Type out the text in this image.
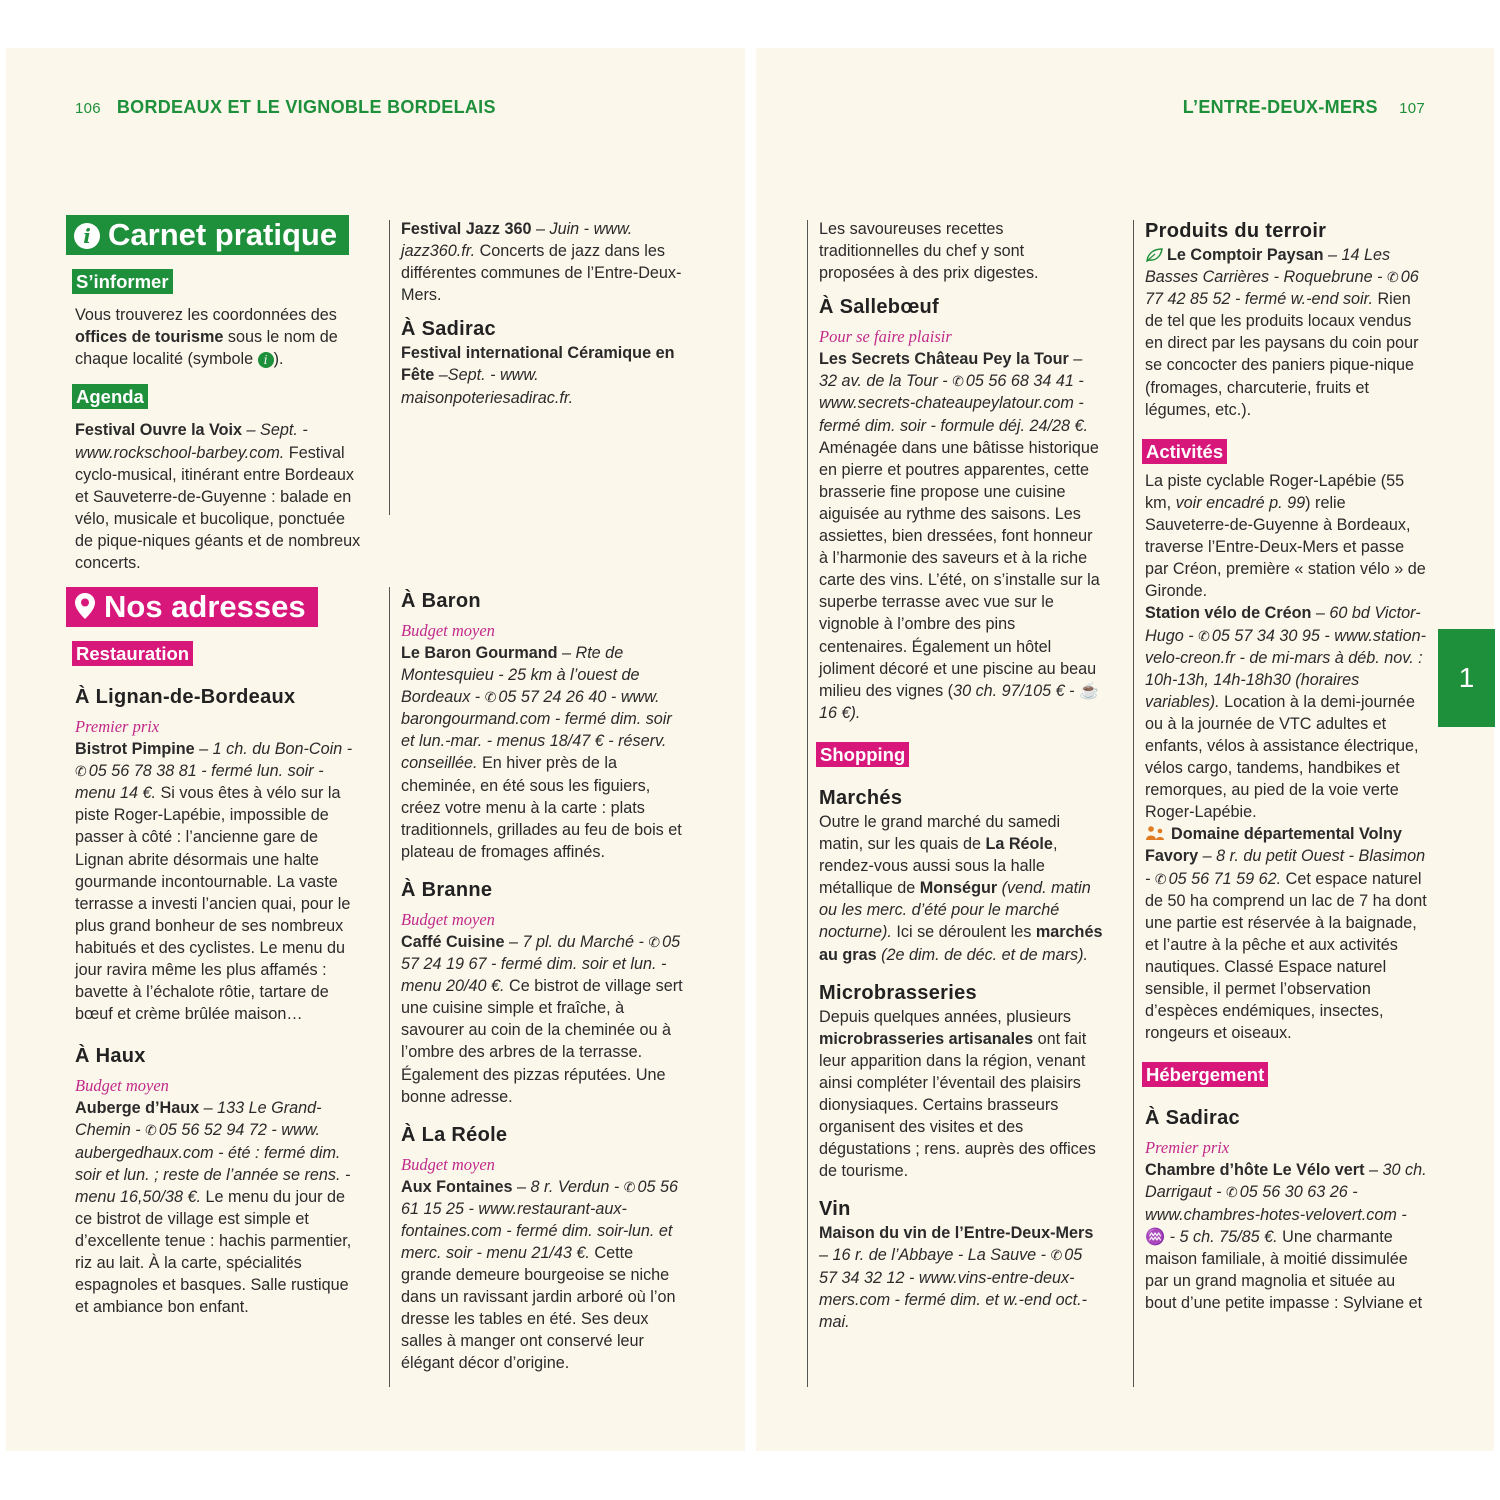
106 BORDEAUX ET LE VIGNOBLE BORDELAIS	L’ENTRE-DEUX-MERS 107
i Carnet pratique
S’informer

Vous trouverez les coordonnées des offices de tourisme sous le nom de chaque localité (symbole i ).

Agenda

Festival Ouvre la Voix – Sept. - www.rockschool-barbey.com. Festival cyclo-musical, itinérant entre Bordeaux et Sauveterre-de-Guyenne : balade en vélo, musicale et bucolique, ponctuée de pique-niques géants et de nombreux concerts.

Festival Jazz 360 – Juin - www. jazz360.fr. Concerts de jazz dans les différentes communes de l’Entre-Deux-Mers.

À Sadirac

Festival international Céramique en Fête –Sept. - www. maisonpoteriesadirac.fr.

Nos adresses
Restauration
À Lignan-de-Bordeaux
Premier prix

Bistrot Pimpine – 1 ch. du Bon-Coin - ✆ 05 56 78 38 81 - fermé lun. soir - menu 14 €. Si vous êtes à vélo sur la piste Roger-Lapébie, impossible de passer à côté : l’ancienne gare de Lignan abrite désormais une halte gourmande incontournable. La vaste terrasse a investi l’ancien quai, pour le plus grand bonheur de ses nombreux habitués et des cyclistes. Le menu du jour ravira même les plus affamés : bavette à l’échalote rôtie, tartare de bœuf et crème brûlée maison…

À Haux
Budget moyen

Auberge d’Haux – 133 Le Grand-Chemin - ✆ 05 56 52 94 72 - www. aubergedhaux.com - été : fermé dim. soir et lun. ; reste de l’année se rens. - menu 16,50/38 €. Le menu du jour de ce bistrot de village est simple et d’excellente tenue : hachis parmentier, riz au lait. À la carte, spécialités espagnoles et basques. Salle rustique et ambiance bon enfant.

À Baron
Budget moyen

Le Baron Gourmand – Rte de Montesquieu - 25 km à l’ouest de Bordeaux - ✆ 05 57 24 26 40 - www. barongourmand.com - fermé dim. soir et lun.-mar. - menus 18/47 € - réserv. conseillée. En hiver près de la cheminée, en été sous les figuiers, créez votre menu à la carte : plats traditionnels, grillades au feu de bois et plateau de fromages affinés.

À Branne
Budget moyen

Caffé Cuisine – 7 pl. du Marché - ✆ 05 57 24 19 67 - fermé dim. soir et lun. - menu 20/40 €. Ce bistrot de village sert une cuisine simple et fraîche, à savourer au coin de la cheminée ou à l’ombre des arbres de la terrasse. Également des pizzas réputées. Une bonne adresse.

À La Réole
Budget moyen

Aux Fontaines – 8 r. Verdun - ✆ 05 56 61 15 25 - www.restaurant-aux-fontaines.com - fermé dim. soir-lun. et merc. soir - menu 21/43 €. Cette grande demeure bourgeoise se niche dans un ravissant jardin arboré où l’on dresse les tables en été. Ses deux salles à manger ont conservé leur élégant décor d’origine.

Les savoureuses recettes traditionnelles du chef y sont proposées à des prix digestes.

À Sallebœuf
Pour se faire plaisir

Les Secrets Château Pey la Tour – 32 av. de la Tour - ✆ 05 56 68 34 41 - www.secrets-chateaupeylatour.com - fermé dim. soir - formule déj. 24/28 €. Aménagée dans une bâtisse historique en pierre et poutres apparentes, cette brasserie fine propose une cuisine aiguisée au rythme des saisons. Les assiettes, bien dressées, font honneur à l’harmonie des saveurs et à la riche carte des vins. L’été, on s’installe sur la superbe terrasse avec vue sur le vignoble à l’ombre des pins centenaires. Également un hôtel joliment décoré et une piscine au beau milieu des vignes (30 ch. 97/105 € - ☕ 16 €).

Shopping
Marchés

Outre le grand marché du samedi matin, sur les quais de La Réole, rendez-vous aussi sous la halle métallique de Monségur (vend. matin ou les merc. d’été pour le marché nocturne). Ici se déroulent les marchés au gras (2e dim. de déc. et de mars).

Microbrasseries

Depuis quelques années, plusieurs microbrasseries artisanales ont fait leur apparition dans la région, venant ainsi compléter l’éventail des plaisirs dionysiaques. Certains brasseurs organisent des visites et des dégustations ; rens. auprès des offices de tourisme.

Vin

Maison du vin de l’Entre-Deux-Mers – 16 r. de l’Abbaye - La Sauve - ✆ 05 57 34 32 12 - www.vins-entre-deux-mers.com - fermé dim. et w.-end oct.-mai.

Produits du terroir

Le Comptoir Paysan – 14 Les Basses Carrières - Roquebrune - ✆ 06 77 42 85 52 - fermé w.-end soir. Rien de tel que les produits locaux vendus en direct par les paysans du coin pour se concocter des paniers pique-nique (fromages, charcuterie, fruits et légumes, etc.).

Activités

La piste cyclable Roger-Lapébie (55 km, voir encadré p. 99) relie Sauveterre-de-Guyenne à Bordeaux, traverse l’Entre-Deux-Mers et passe par Créon, première « station vélo » de Gironde.

Station vélo de Créon – 60 bd Victor-Hugo - ✆ 05 57 34 30 95 - www.station-velo-creon.fr - de mi-mars à déb. nov. : 10h-13h, 14h-18h30 (horaires variables). Location à la demi-journée ou à la journée de VTC adultes et enfants, vélos à assistance électrique, vélos cargo, tandems, handbikes et remorques, au pied de la voie verte Roger-Lapébie.

Domaine départemental Volny Favory – 8 r. du petit Ouest - Blasimon - ✆ 05 56 71 59 62. Cet espace naturel de 50 ha comprend un lac de 7 ha dont une partie est réservée à la baignade, et l’autre à la pêche et aux activités nautiques. Classé Espace naturel sensible, il permet l’observation d’espèces endémiques, insectes, rongeurs et oiseaux.

Hébergement
À Sadirac
Premier prix

Chambre d’hôte Le Vélo vert – 30 ch. Darrigaut - ✆ 05 56 30 63 26 - www.chambres-hotes-velovert.com - ♒ - 5 ch. 75/85 €. Une charmante maison familiale, à moitié dissimulée par un grand magnolia et située au bout d’une petite impasse : Sylviane et

1
